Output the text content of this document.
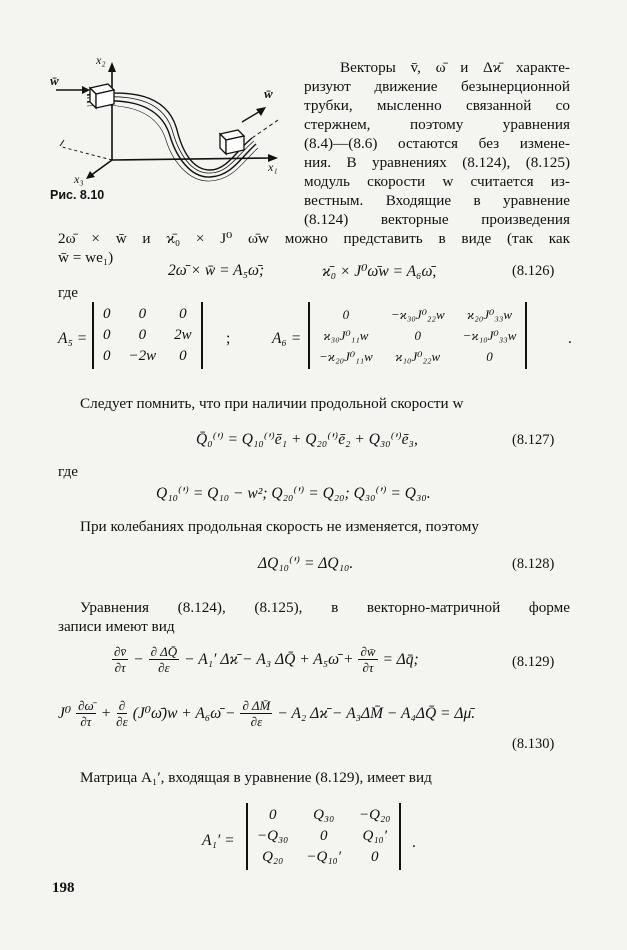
x₂
x₁
x₃
w̄
w̄
Рис. 8.10
Векторы v̄, ω̄ и Δϰ̄ характе-
ризуют движение безынерционной
трубки, мысленно связанной со
стержнем, поэтому уравнения
(8.4)—(8.6) остаются без измене-
ния. В уравнениях (8.124), (8.125)
модуль скорости w считается из-
вестным. Входящие в уравнение
(8.124) векторные произведения
2ω̄ × w̄ и ϰ̄₀ × J⁰ ω̄w можно представить в виде (так как
w̄ = we₁)
2ω̄ × w̄ = A₅ω̄;	ϰ̄₀ × J⁰ω̄w = A₆ω̄,	(8.126)
где
A₅ =
0	0	0
0	0	2w
0	−2w	0
;	A₆ =
0	−ϰ₃₀J⁰₂₂w	ϰ₂₀J⁰₃₃w
ϰ₃₀J⁰₁₁w	0	−ϰ₁₀J⁰₃₃w
−ϰ₂₀J⁰₁₁w	ϰ₁₀J⁰₂₂w	0
.
Следует помнить, что при наличии продольной скорости w
Q̄₀⁽′⁾ = Q₁₀⁽′⁾ē₁ + Q₂₀⁽′⁾ē₂ + Q₃₀⁽′⁾ē₃,	(8.127)
где
Q₁₀⁽′⁾ = Q₁₀ − w²; Q₂₀⁽′⁾ = Q₂₀; Q₃₀⁽′⁾ = Q₃₀.
При колебаниях продольная скорость не изменяется, поэтому
ΔQ₁₀⁽′⁾ = ΔQ₁₀.	(8.128)
Уравнения (8.124), (8.125), в векторно-матричной форме
записи имеют вид
$\frac{\partial v̄}{\partial\tau} - \frac{\partial \Delta Q̄}{\partial\varepsilon} - A_1'$ Δϰ̄ − A₃ ΔQ̄ + A₅ω̄ + $\frac{\partial w̄}{\partial\tau}$ = Δq̄;	(8.129)
$J^0 \frac{\partial\omegā}{\partial\tau}$ + ∂
∂ε (J⁰ω̄)w + A₆ω̄ − $\frac{\partial \Delta M̄}{\partial\varepsilon} - A_2$ Δϰ̄ − A₃ΔM̄ − A₄ΔQ̄ = Δμ̄.
(8.130)
Матрица A₁′, входящая в уравнение (8.129), имеет вид
A₁′ =
0	Q₃₀	−Q₂₀
−Q₃₀	0	Q₁₀′
Q₂₀	−Q₁₀′	0
.
198
